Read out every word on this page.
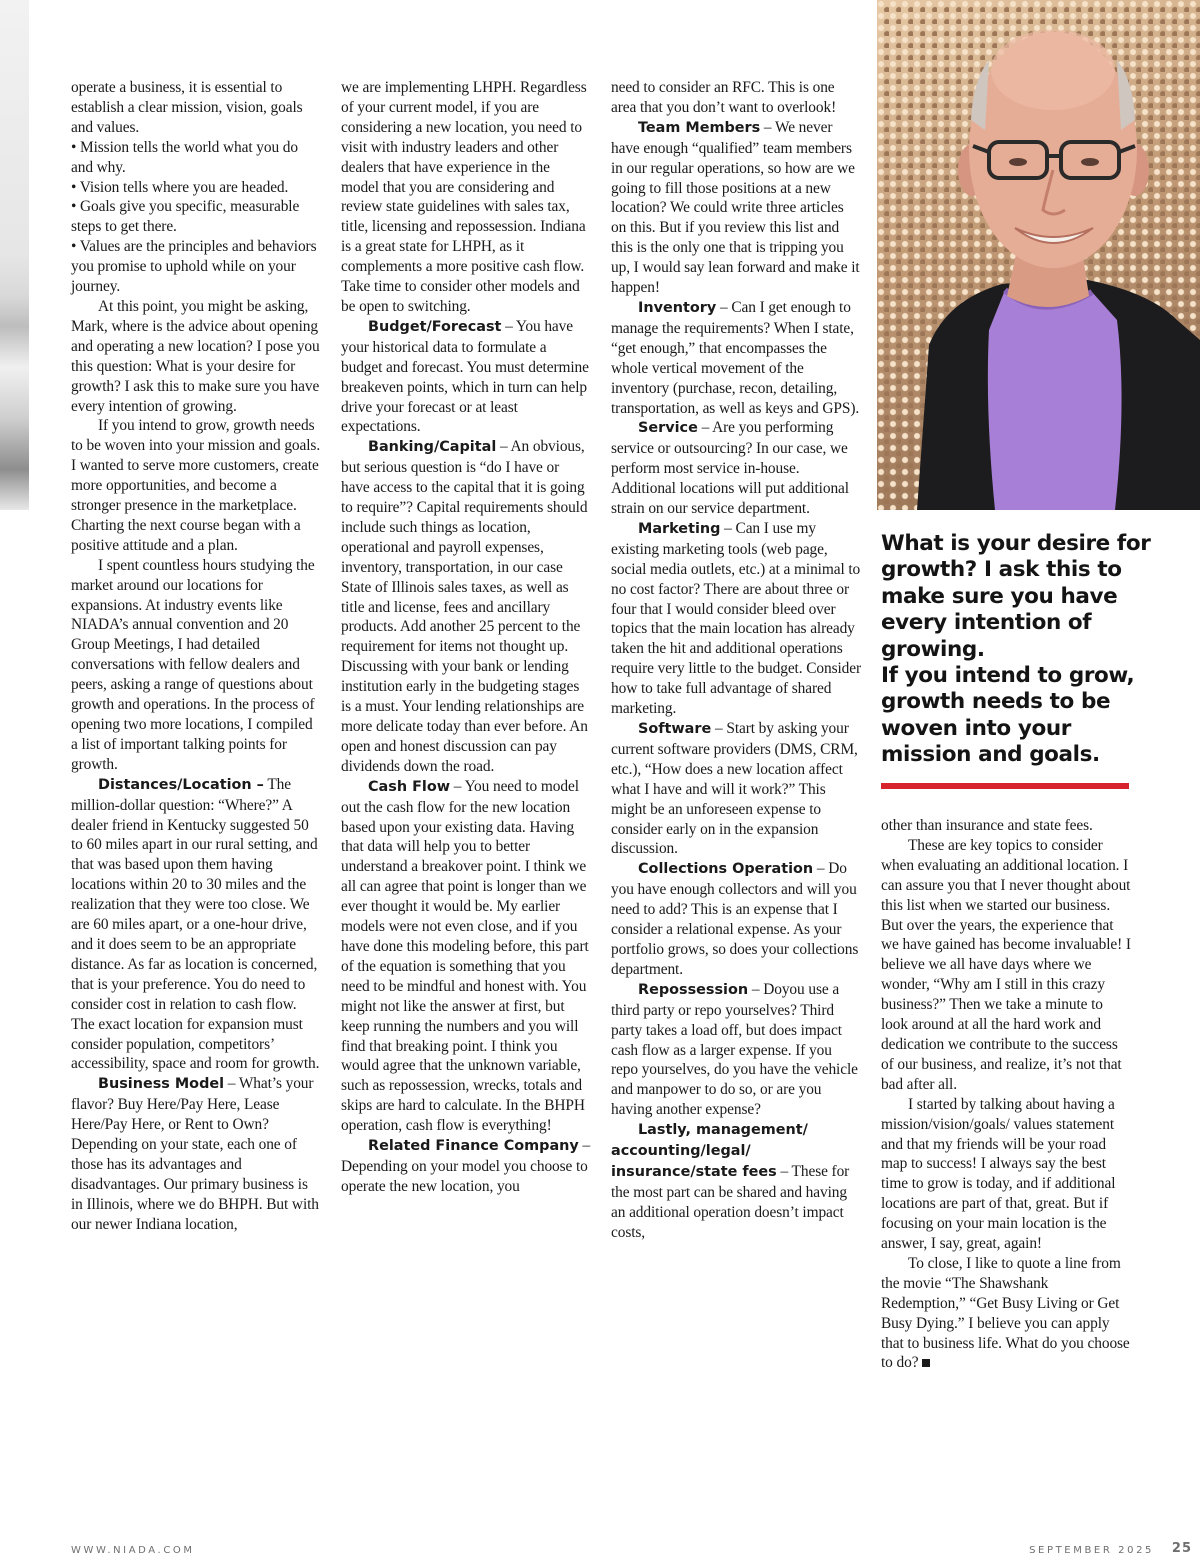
operate a business, it is essential to establish a clear mission, vision, goals and values.

• Mission tells the world what you do and why.

• Vision tells where you are headed.

• Goals give you specific, measurable steps to get there.

• Values are the principles and behaviors you promise to uphold while on your journey.

At this point, you might be asking, Mark, where is the advice about opening and operating a new location? I pose you this question: What is your desire for growth? I ask this to make sure you have every intention of growing.

If you intend to grow, growth needs to be woven into your mission and goals. I wanted to serve more customers, create more opportunities, and become a stronger presence in the marketplace. Charting the next course began with a positive attitude and a plan.

I spent countless hours studying the market around our locations for expansions. At industry events like NIADA’s annual convention and 20 Group Meetings, I had detailed conversations with fellow dealers and peers, asking a range of questions about growth and operations. In the process of opening two more locations, I compiled a list of important talking points for growth.

Distances/Location – The million-dollar question: “Where?” A dealer friend in Kentucky suggested 50 to 60 miles apart in our rural setting, and that was based upon them having locations within 20 to 30 miles and the realization that they were too close. We are 60 miles apart, or a one-hour drive, and it does seem to be an appropriate distance. As far as location is concerned, that is your preference. You do need to consider cost in relation to cash flow. The exact location for expansion must consider population, competitors’ accessibility, space and room for growth.

Business Model – What’s your flavor? Buy Here/Pay Here, Lease Here/Pay Here, or Rent to Own? Depending on your state, each one of those has its advantages and disadvantages. Our primary business is in Illinois, where we do BHPH. But with our newer Indiana location,

we are implementing LHPH. Regardless of your current model, if you are considering a new location, you need to visit with industry leaders and other dealers that have experience in the model that you are considering and review state guidelines with sales tax, title, licensing and repossession. Indiana is a great state for LHPH, as it complements a more positive cash flow. Take time to consider other models and be open to switching.

Budget/Forecast – You have your historical data to formulate a budget and forecast. You must determine breakeven points, which in turn can help drive your forecast or at least expectations.

Banking/Capital – An obvious, but serious question is “do I have or have access to the capital that it is going to require”? Capital requirements should include such things as location, operational and payroll expenses, inventory, transportation, in our case State of Illinois sales taxes, as well as title and license, fees and ancillary products. Add another 25 percent to the requirement for items not thought up. Discussing with your bank or lending institution early in the budgeting stages is a must. Your lending relationships are more delicate today than ever before. An open and honest discussion can pay dividends down the road.

Cash Flow – You need to model out the cash flow for the new location based upon your existing data. Having that data will help you to better understand a breakover point. I think we all can agree that point is longer than we ever thought it would be. My earlier models were not even close, and if you have done this modeling before, this part of the equation is something that you need to be mindful and honest with. You might not like the answer at first, but keep running the numbers and you will find that breaking point. I think you would agree that the unknown variable, such as repossession, wrecks, totals and skips are hard to calculate. In the BHPH operation, cash flow is everything!

Related Finance Company – Depending on your model you choose to operate the new location, you

need to consider an RFC. This is one area that you don’t want to overlook!

Team Members – We never have enough “qualified” team members in our regular operations, so how are we going to fill those positions at a new location? We could write three articles on this. But if you review this list and this is the only one that is tripping you up, I would say lean forward and make it happen!

Inventory – Can I get enough to manage the requirements? When I state, “get enough,” that encompasses the whole vertical movement of the inventory (purchase, recon, detailing, transportation, as well as keys and GPS).

Service – Are you performing service or outsourcing? In our case, we perform most service in-house. Additional locations will put additional strain on our service department.

Marketing – Can I use my existing marketing tools (web page, social media outlets, etc.) at a minimal to no cost factor? There are about three or four that I would consider bleed over topics that the main location has already taken the hit and additional operations require very little to the budget. Consider how to take full advantage of shared marketing.

Software – Start by asking your current software providers (DMS, CRM, etc.), “How does a new location affect what I have and will it work?” This might be an unforeseen expense to consider early on in the expansion discussion.

Collections Operation – Do you have enough collectors and will you need to add? This is an expense that I consider a relational expense. As your portfolio grows, so does your collections department.

Repossession – Doyou use a third party or repo yourselves? Third party takes a load off, but does impact cash flow as a larger expense. If you repo yourselves, do you have the vehicle and manpower to do so, or are you having another expense?

Lastly, management/ accounting/legal/ insurance/state fees – These for the most part can be shared and having an additional operation doesn’t impact costs,

other than insurance and state fees.

These are key topics to consider when evaluating an additional location. I can assure you that I never thought about this list when we started our business. But over the years, the experience that we have gained has become invaluable! I believe we all have days where we wonder, “Why am I still in this crazy business?” Then we take a minute to look around at all the hard work and dedication we contribute to the success of our business, and realize, it’s not that bad after all.

I started by talking about having a mission/vision/goals/ values statement and that my friends will be your road map to success! I always say the best time to grow is today, and if additional locations are part of that, great. But if focusing on your main location is the answer, I say, great, again!

To close, I like to quote a line from the movie “The Shawshank Redemption,” “Get Busy Living or Get Busy Dying.” I believe you can apply that to business life. What do you choose to do?

What is your desire for growth? I ask this to make sure you have every intention of growing.

If you intend to grow, growth needs to be woven into your mission and goals.

WWW.NIADA.COM	SEPTEMBER 2025 25
